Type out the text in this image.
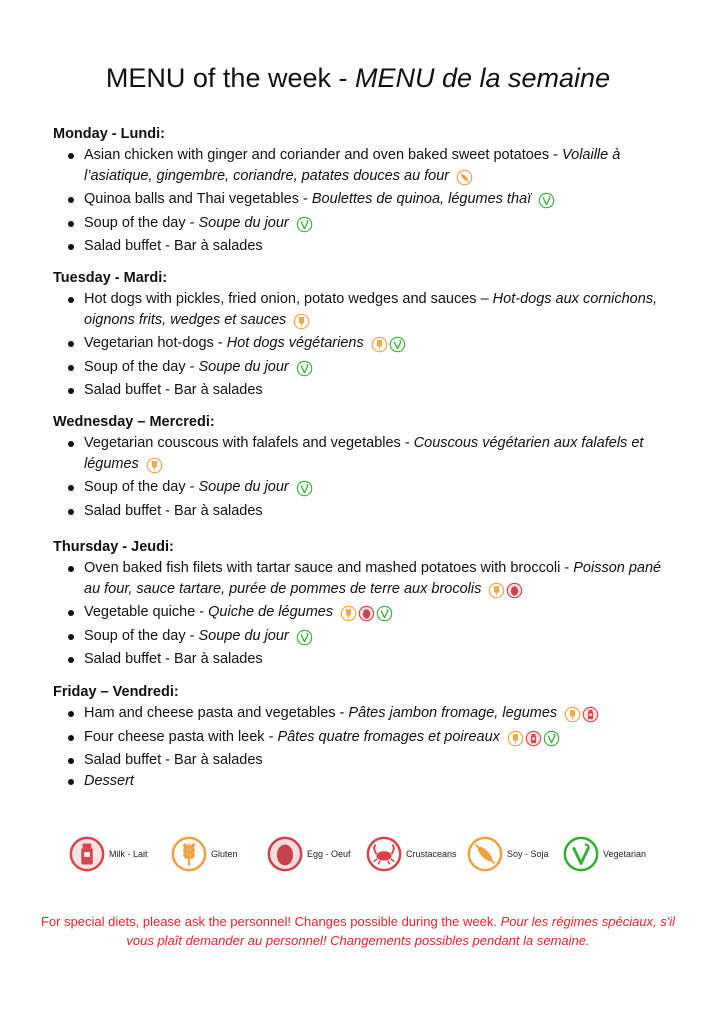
MENU of the week - MENU de la semaine
Monday - Lundi:
Asian chicken with ginger and coriander and oven baked sweet potatoes - Volaille à l’asiatique, gingembre, coriandre, patates douces au four
Quinoa balls and Thai vegetables - Boulettes de quinoa, légumes thaï
Soup of the day - Soupe du jour
Salad buffet - Bar à salades
Tuesday - Mardi:
Hot dogs with pickles, fried onion, potato wedges and sauces – Hot-dogs aux cornichons, oignons frits, wedges et sauces
Vegetarian hot-dogs - Hot dogs végétariens
Soup of the day - Soupe du jour
Salad buffet - Bar à salades
Wednesday – Mercredi:
Vegetarian couscous with falafels and vegetables - Couscous végétarien aux falafels et légumes
Soup of the day - Soupe du jour
Salad buffet - Bar à salades
Thursday - Jeudi:
Oven baked fish filets with tartar sauce and mashed potatoes with broccoli - Poisson pané au four, sauce tartare, purée de pommes de terre aux brocolis
Vegetable quiche - Quiche de légumes
Soup of the day - Soupe du jour
Salad buffet - Bar à salades
Friday – Vendredi:
Ham and cheese pasta and vegetables - Pâtes jambon fromage, legumes
Four cheese pasta with leek - Pâtes quatre fromages et poireaux
Salad buffet - Bar à salades
Dessert
Milk - Lait	Gluten	Egg - Oeuf	Crustaceans	Soy - Soja	Vegetarian
For special diets, please ask the personnel! Changes possible during the week. Pour les régimes spéciaux, s'il vous plaît demander au personnel! Changements possibles pendant la semaine.
